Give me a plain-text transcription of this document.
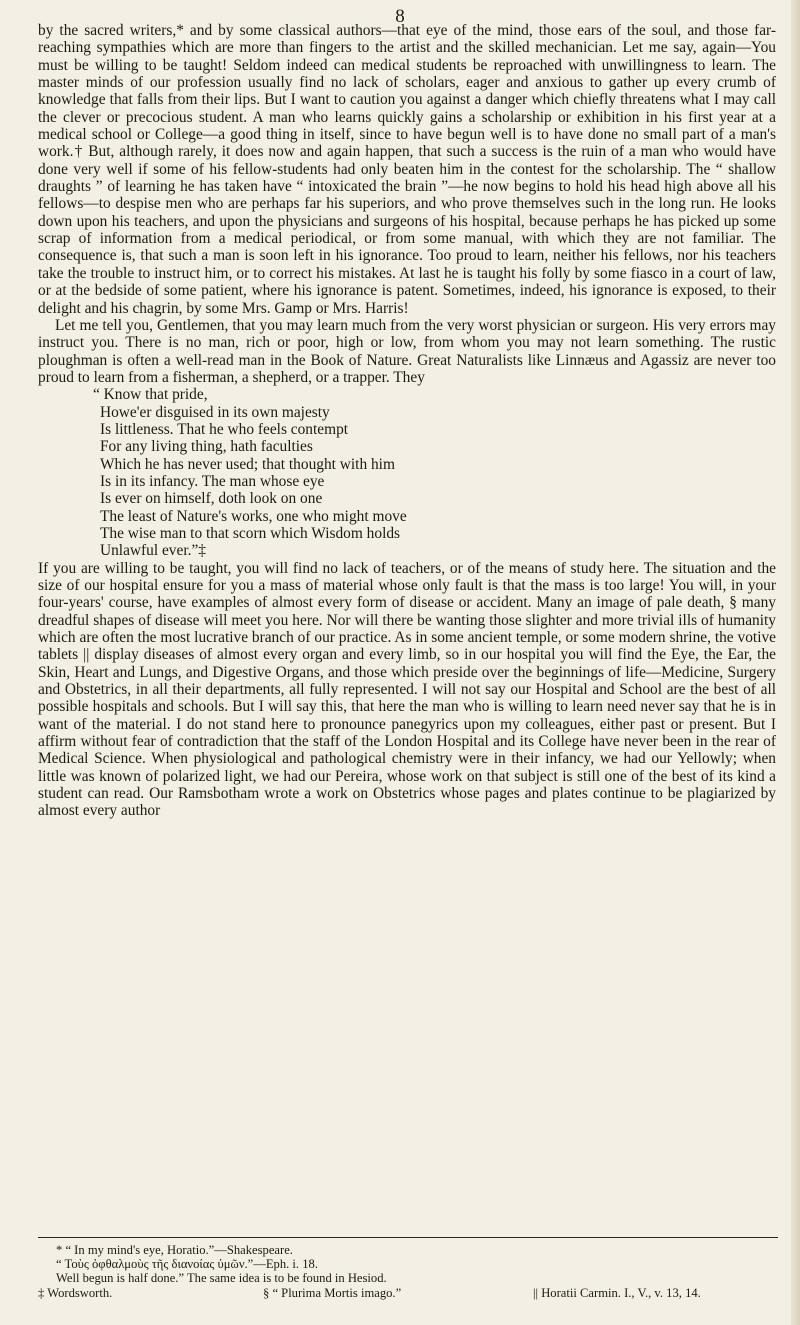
8

by the sacred writers,* and by some classical authors—that eye of the mind, those ears of the soul, and those far-reaching sympathies which are more than fingers to the artist and the skilled mechanician. Let me say, again—You must be willing to be taught! Seldom indeed can medical students be reproached with unwillingness to learn. The master minds of our profession usually find no lack of scholars, eager and anxious to gather up every crumb of knowledge that falls from their lips. But I want to caution you against a danger which chiefly threatens what I may call the clever or precocious student. A man who learns quickly gains a scholarship or exhibition in his first year at a medical school or College—a good thing in itself, since to have begun well is to have done no small part of a man's work.† But, although rarely, it does now and again happen, that such a success is the ruin of a man who would have done very well if some of his fellow-students had only beaten him in the contest for the scholarship. The “ shallow draughts ” of learning he has taken have “ intoxicated the brain ”—he now begins to hold his head high above all his fellows—to despise men who are perhaps far his superiors, and who prove themselves such in the long run. He looks down upon his teachers, and upon the physicians and surgeons of his hospital, because perhaps he has picked up some scrap of information from a medical periodical, or from some manual, with which they are not familiar. The consequence is, that such a man is soon left in his ignorance. Too proud to learn, neither his fellows, nor his teachers take the trouble to instruct him, or to correct his mistakes. At last he is taught his folly by some fiasco in a court of law, or at the bedside of some patient, where his ignorance is patent. Sometimes, indeed, his ignorance is exposed, to their delight and his chagrin, by some Mrs. Gamp or Mrs. Harris!

Let me tell you, Gentlemen, that you may learn much from the very worst physician or surgeon. His very errors may instruct you. There is no man, rich or poor, high or low, from whom you may not learn something. The rustic ploughman is often a well-read man in the Book of Nature. Great Naturalists like Linnæus and Agassiz are never too proud to learn from a fisherman, a shepherd, or a trapper. They

“ Know that pride,
Howe'er disguised in its own majesty
Is littleness. That he who feels contempt
For any living thing, hath faculties
Which he has never used; that thought with him
Is in its infancy. The man whose eye
Is ever on himself, doth look on one
The least of Nature's works, one who might move
The wise man to that scorn which Wisdom holds
Unlawful ever.”‡

If you are willing to be taught, you will find no lack of teachers, or of the means of study here. The situation and the size of our hospital ensure for you a mass of material whose only fault is that the mass is too large! You will, in your four-years' course, have examples of almost every form of disease or accident. Many an image of pale death, § many dreadful shapes of disease will meet you here. Nor will there be wanting those slighter and more trivial ills of humanity which are often the most lucrative branch of our practice. As in some ancient temple, or some modern shrine, the votive tablets || display diseases of almost every organ and every limb, so in our hospital you will find the Eye, the Ear, the Skin, Heart and Lungs, and Digestive Organs, and those which preside over the beginnings of life—Medicine, Surgery and Obstetrics, in all their departments, all fully represented. I will not say our Hospital and School are the best of all possible hospitals and schools. But I will say this, that here the man who is willing to learn need never say that he is in want of the material. I do not stand here to pronounce panegyrics upon my colleagues, either past or present. But I affirm without fear of contradiction that the staff of the London Hospital and its College have never been in the rear of Medical Science. When physiological and pathological chemistry were in their infancy, we had our Yellowly; when little was known of polarized light, we had our Pereira, whose work on that subject is still one of the best of its kind a student can read. Our Ramsbotham wrote a work on Obstetrics whose pages and plates continue to be plagiarized by almost every author

* “ In my mind's eye, Horatio.”—Shakespeare.
“ Τοὺς ὀφθαλμοὺς τῆς διανοίας ὑμῶν.”—Eph. i. 18.
Well begun is half done.” The same idea is to be found in Hesiod.
‡ Wordsworth.	§ “ Plurima Mortis imago.”	|| Horatii Carmin. I., V., v. 13, 14.
